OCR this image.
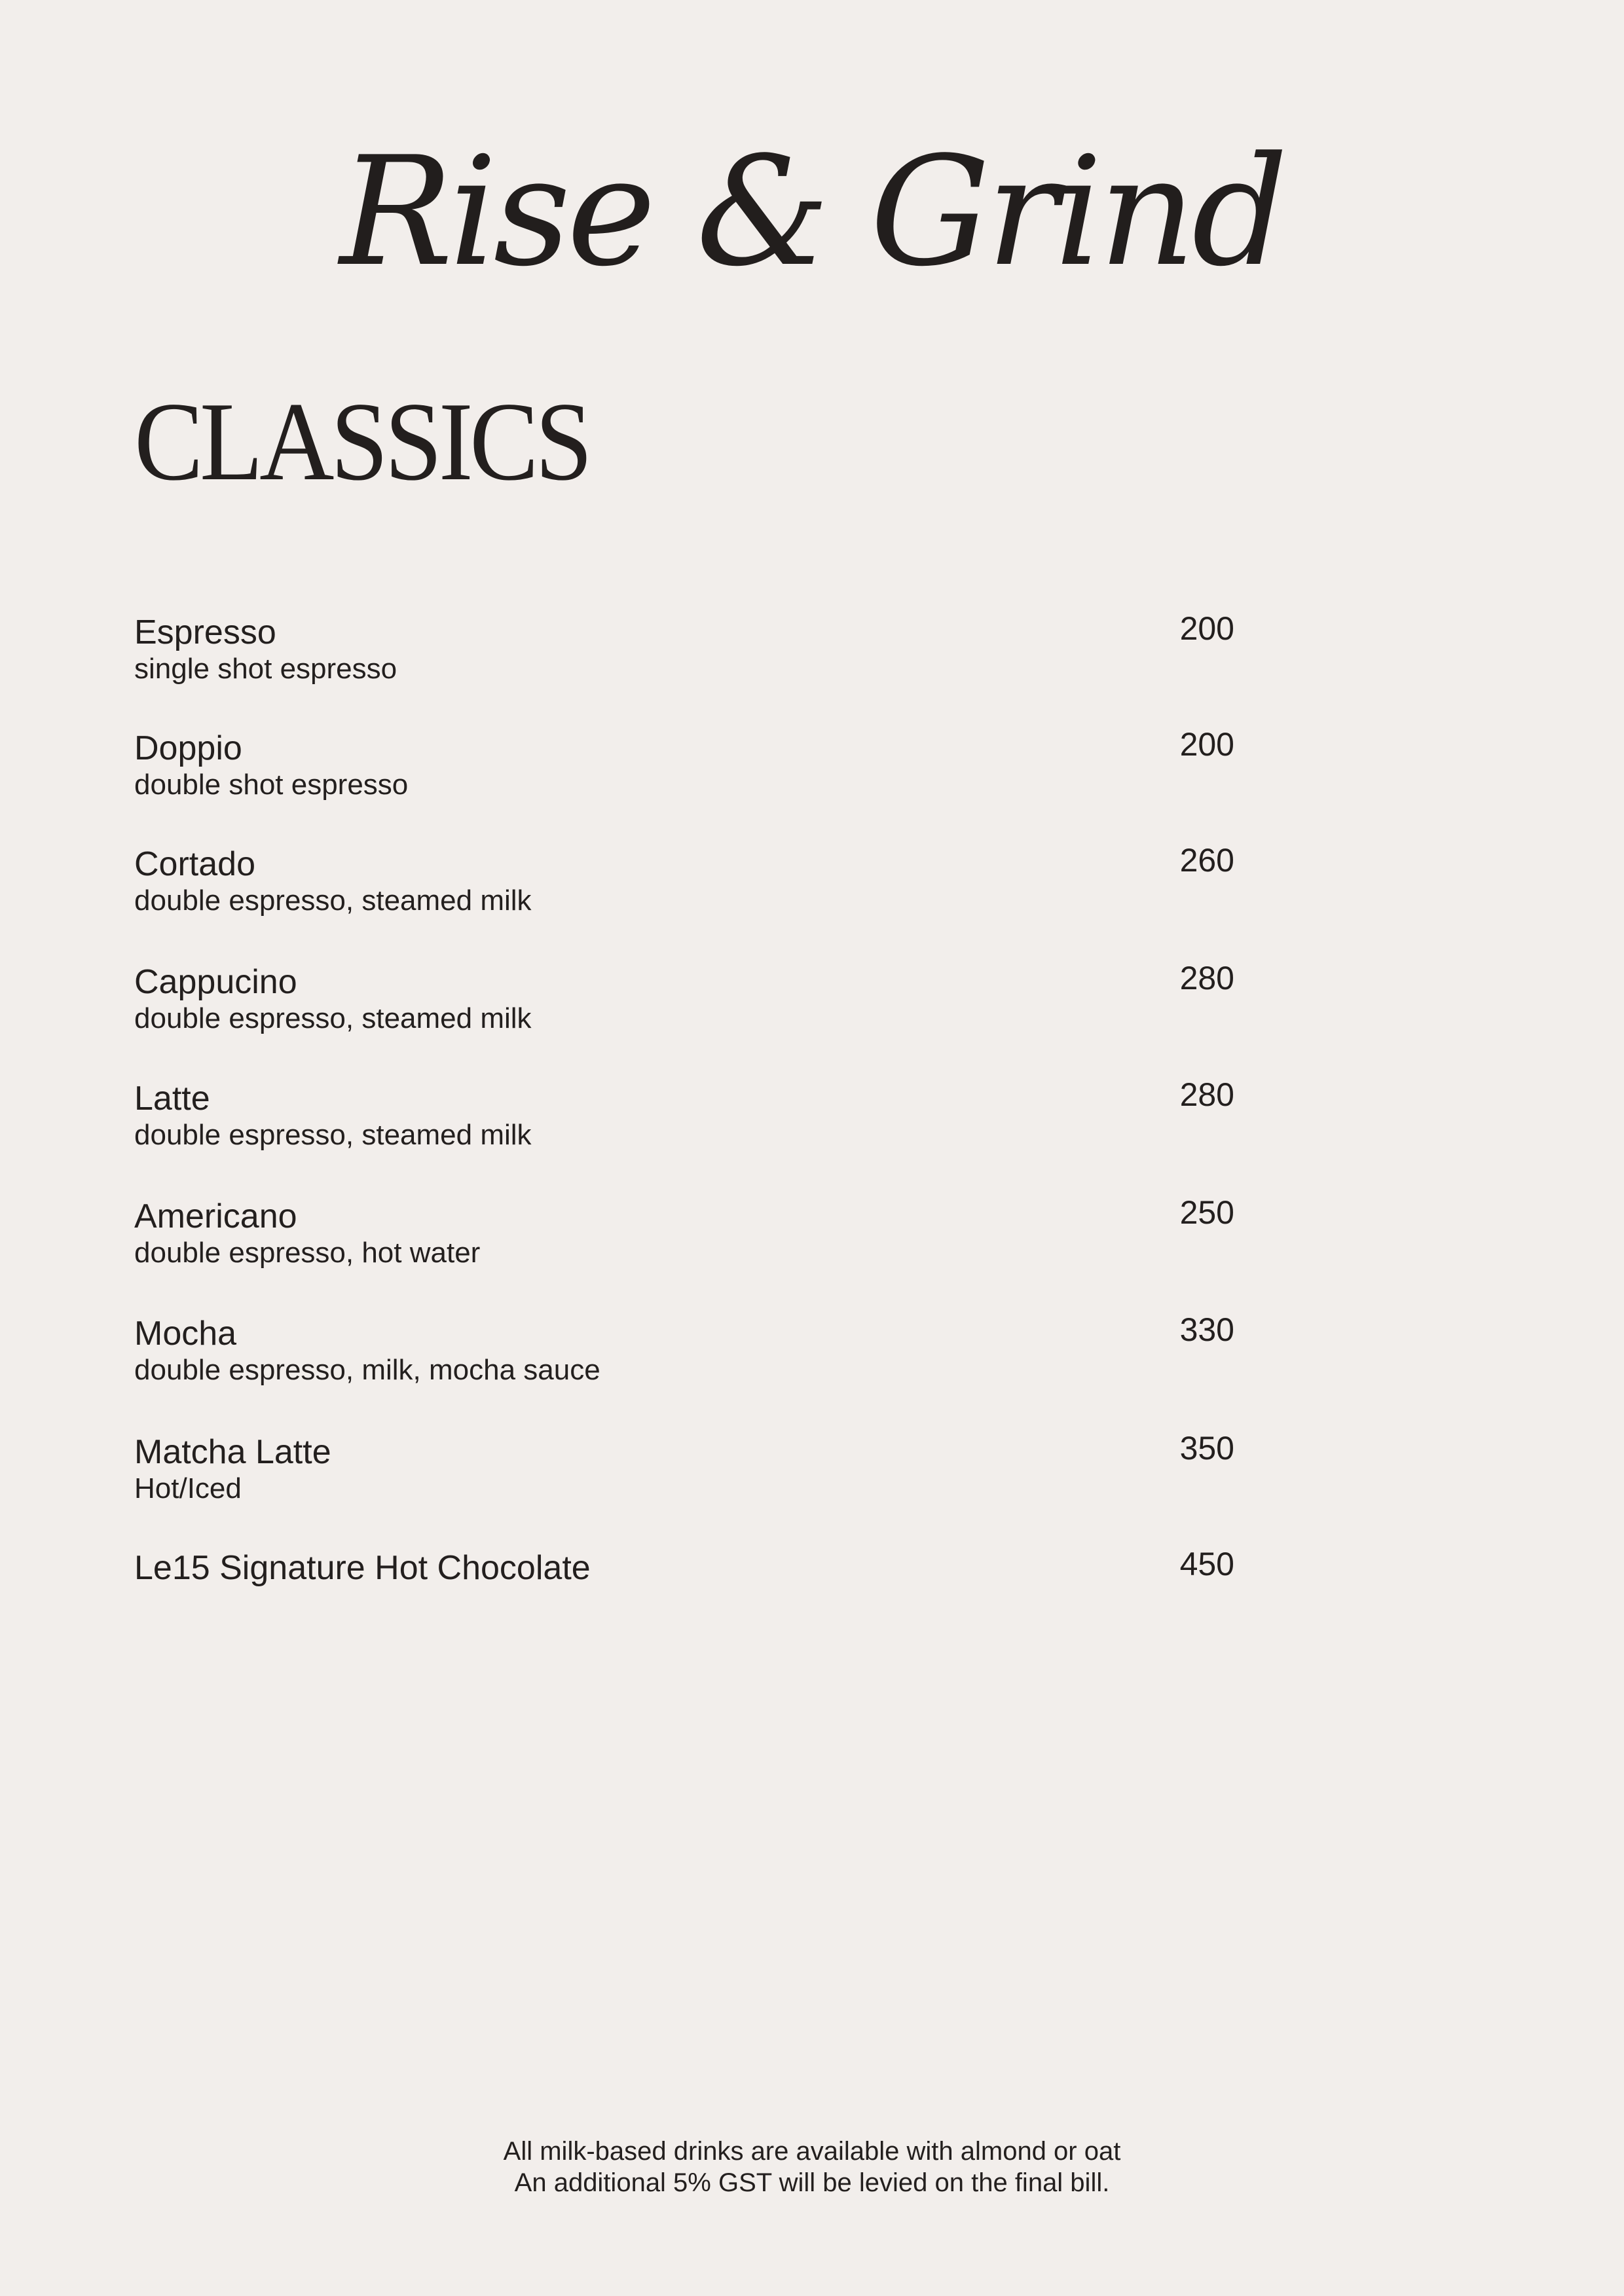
Rise & Grind
CLASSICS
Espresso
single shot espresso
200
Doppio
double shot espresso
200
Cortado
double espresso, steamed milk
260
Cappucino
double espresso, steamed milk
280
Latte
double espresso, steamed milk
280
Americano
double espresso, hot water
250
Mocha
double espresso, milk, mocha sauce
330
Matcha Latte
Hot/Iced
350
Le15 Signature Hot Chocolate	450
All milk-based drinks are available with almond or oat
An additional 5% GST will be levied on the final bill.
